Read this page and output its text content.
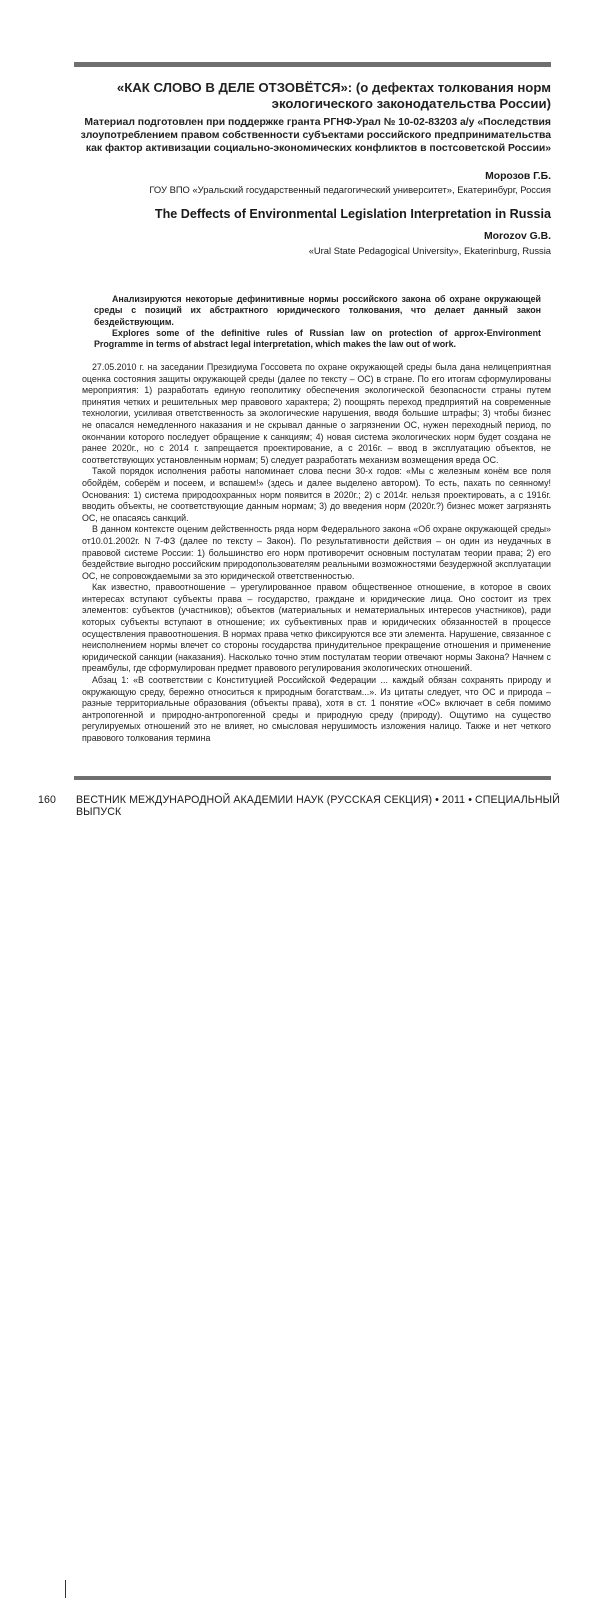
«КАК СЛОВО В ДЕЛЕ ОТЗОВЁТСЯ»: (о дефектах толкования норм экологического законодательства России)
Материал подготовлен при поддержке гранта РГНФ-Урал № 10-02-83203 а/у «Последствия злоупотреблением правом собственности субъектами российского предпринимательства как фактор активизации социально-экономических конфликтов в постсоветской России»
Морозов Г.Б.
ГОУ ВПО «Уральский государственный педагогический университет», Екатеринбург, Россия
The Deffects of Environmental Legislation Interpretation in Russia
Morozov G.B.
«Ural State Pedagogical University», Ekaterinburg, Russia

Анализируются некоторые дефинитивные нормы российского закона об охране окружающей среды с позиций их абстрактного юридического толкования, что делает данный закон бездействующим.

Explores some of the definitive rules of Russian law on protection of approx-Environment Programme in terms of abstract legal interpretation, which makes the law out of work.

27.05.2010 г. на заседании Президиума Госсовета по охране окружающей среды была дана нелицеприятная оценка состояния защиты окружающей среды (далее по тексту – ОС) в стране. По его итогам сформулированы мероприятия: 1) разработать единую геополитику обеспечения экологической безопасности страны путем принятия четких и решительных мер правового характера; 2) поощрять переход предприятий на современные технологии, усиливая ответственность за экологические нарушения, вводя большие штрафы; 3) чтобы бизнес не опасался немедленного наказания и не скрывал данные о загрязнении ОС, нужен переходный период, по окончании которого последует обращение к санкциям; 4) новая система экологических норм будет создана не ранее 2020г., но с 2014 г. запрещается проектирование, а с 2016г. – ввод в эксплуатацию объектов, не соответствующих установленным нормам; 5) следует разработать механизм возмещения вреда ОС.

Такой порядок исполнения работы напоминает слова песни 30-х годов: «Мы с железным конём все поля обойдём, соберём и посеем, и вспашем!» (здесь и далее выделено автором). То есть, пахать по сеянному! Основания: 1) система природоохранных норм появится в 2020г.; 2) с 2014г. нельзя проектировать, а с 1916г. вводить объекты, не соответствующие данным нормам; 3) до введения норм (2020г.?) бизнес может загрязнять ОС, не опасаясь санкций.

В данном контексте оценим действенность ряда норм Федерального закона «Об охране окружающей среды» от10.01.2002г. N 7-ФЗ (далее по тексту – Закон). По результативности действия – он один из неудачных в правовой системе России: 1) большинство его норм противоречит основным постулатам теории права; 2) его бездействие выгодно российским природопользователям реальными возможностями безудержной эксплуатации ОС, не сопровождаемыми за это юридической ответственностью.

Как известно, правоотношение – урегулированное правом общественное отношение, в которое в своих интересах вступают субъекты права – государство, граждане и юридические лица. Оно состоит из трех элементов: субъектов (участников); объектов (материальных и нематериальных интересов участников), ради которых субъекты вступают в отношение; их субъективных прав и юридических обязанностей в процессе осуществления правоотношения. В нормах права четко фиксируются все эти элемента. Нарушение, связанное с неисполнением нормы влечет со стороны государства принудительное прекращение отношения и применение юридической санкции (наказания). Насколько точно этим постулатам теории отвечают нормы Закона? Начнем с преамбулы, где сформулирован предмет правового регулирования экологических отношений.

Абзац 1: «В соответствии с Конституцией Российской Федерации ... каждый обязан сохранять природу и окружающую среду, бережно относиться к природным богатствам...». Из цитаты следует, что ОС и природа – разные территориальные образования (объекты права), хотя в ст. 1 понятие «ОС» включает в себя помимо антропогенной и природно-антропогенной среды и природную среду (природу). Ощутимо на существо регулируемых отношений это не влияет, но смысловая нерушимость изложения налицо. Также и нет четкого правового толкования термина

160 ВЕСТНИК МЕЖДУНАРОДНОЙ АКАДЕМИИ НАУК (РУССКАЯ СЕКЦИЯ) • 2011 • СПЕЦИАЛЬНЫЙ ВЫПУСК
